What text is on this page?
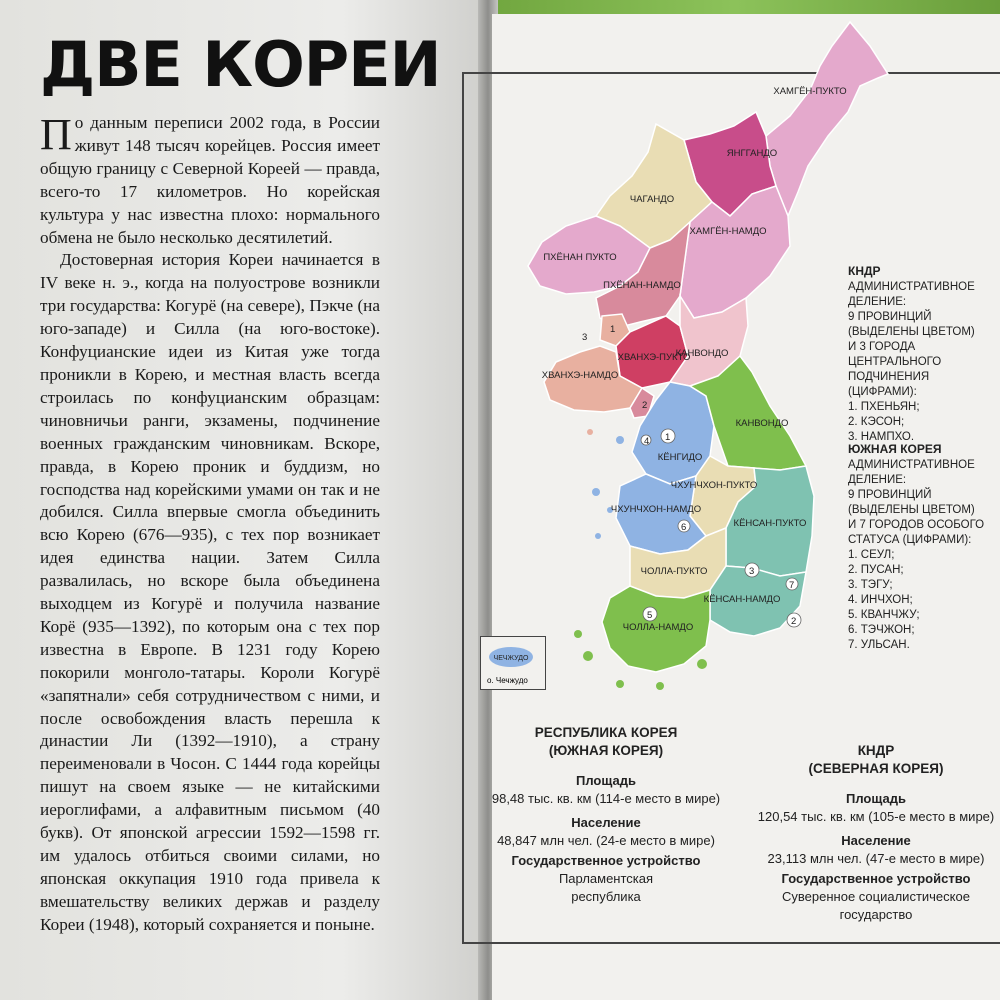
ДВЕ КОРЕИ

По данным переписи 2002 года, в России живут 148 тысяч корейцев. Россия имеет общую границу с Северной Кореей — правда, всего-то 17 километров. Но корейская культура у нас известна плохо: нормального обмена не было несколько десятилетий.

Достоверная история Кореи начинается в IV веке н. э., когда на полуострове возникли три государства: Когурё (на севере), Пэкче (на юго-западе) и Силла (на юго-востоке). Конфуцианские идеи из Китая уже тогда проникли в Корею, и местная власть всегда строилась по конфуцианским образцам: чиновничьи ранги, экзамены, подчинение военных гражданским чиновникам. Вскоре, правда, в Корею проник и буддизм, но господства над корейскими умами он так и не добился. Силла впервые смогла объединить всю Корею (676—935), с тех пор возникает идея единства нации. Затем Силла развалилась, но вскоре была объединена выходцем из Когурё и получила название Корё (935—1392), по которым она с тех пор известна в Европе. В 1231 году Корею покорили монголо-татары. Короли Когурё «запятнали» себя сотрудничеством с ними, и после освобождения власть перешла к династии Ли (1392—1910), а страну переименовали в Чосон. С 1444 года корейцы пишут на своем языке — не китайскими иероглифами, а алфавитным письмом (40 букв). От японской агрессии 1592—1598 гг. им удалось отбиться своими силами, но японская оккупация 1910 года привела к вмешательству великих держав и разделу Кореи (1948), который сохраняется и поныне.

ХАМГЁН-ПУКТО
ЯНГГАНДО
ЧАГАНДО
ХАМГЁН-НАМДО
ПХЁНАН ПУКТО
ПХЁНАН-НАМДО
ХВАНХЭ-ПУКТО
ХВАНХЭ-НАМДО
КАНВОНДО
КАНВОНДО
КЁНГИДО
ЧХУНЧХОН-ПУКТО
ЧХУНЧХОН-НАМДО
КЁНСАН-ПУКТО
ЧОЛЛА-ПУКТО
КЁНСАН-НАМДО
ЧОЛЛА-НАМДО
1
2
3
1
2
3
4
5
6
7
ЧЕЧЖУДО
о. Чечжудо
КНДР
АДМИНИСТРАТИВНОЕ
ДЕЛЕНИЕ:
9 ПРОВИНЦИЙ
(ВЫДЕЛЕНЫ ЦВЕТОМ)
И 3 ГОРОДА
ЦЕНТРАЛЬНОГО
ПОДЧИНЕНИЯ (ЦИФРАМИ):
1. ПХЕНЬЯН;
2. КЭСОН;
3. НАМПХО.
ЮЖНАЯ КОРЕЯ
АДМИНИСТРАТИВНОЕ
ДЕЛЕНИЕ:
9 ПРОВИНЦИЙ
(ВЫДЕЛЕНЫ ЦВЕТОМ)
И 7 ГОРОДОВ ОСОБОГО
СТАТУСА (ЦИФРАМИ):
1. СЕУЛ;
2. ПУСАН;
3. ТЭГУ;
4. ИНЧХОН;
5. КВАНЧЖУ;
6. ТЭЧЖОН;
7. УЛЬСАН.
РЕСПУБЛИКА КОРЕЯ
(ЮЖНАЯ КОРЕЯ)
Площадь
98,48 тыс. кв. км (114-е место в мире)
Население
48,847 млн чел. (24-е место в мире)
Государственное устройство
Парламентская
республика
КНДР
(СЕВЕРНАЯ КОРЕЯ)
Площадь
120,54 тыс. кв. км (105-е место в мире)
Население
23,113 млн чел. (47-е место в мире)
Государственное устройство
Суверенное социалистическое
государство
